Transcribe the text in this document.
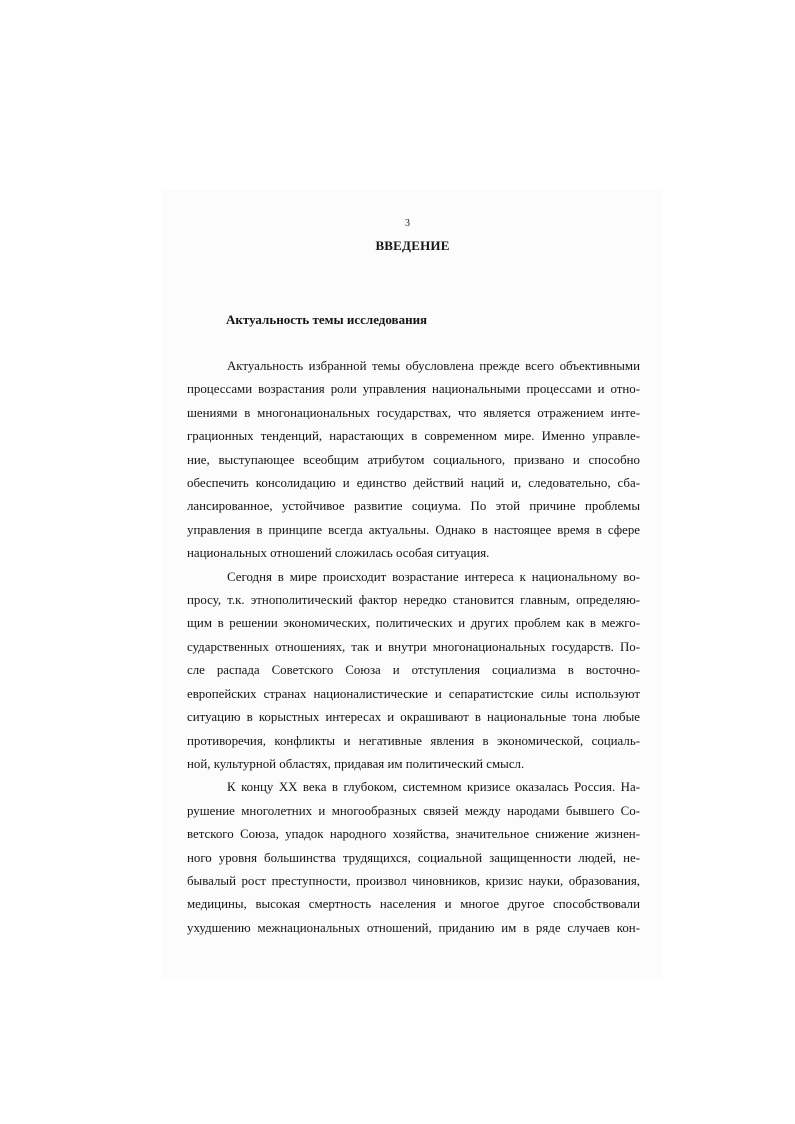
3
ВВЕДЕНИЕ
Актуальность темы исследования
Актуальность избранной темы обусловлена прежде всего объективными
процессами возрастания роли управления национальными процессами и отно-
шениями в многонациональных государствах, что является отражением инте-
грационных тенденций, нарастающих в современном мире. Именно управле-
ние, выступающее всеобщим атрибутом социального, призвано и способно
обеспечить консолидацию и единство действий наций и, следовательно, сба-
лансированное, устойчивое развитие социума. По этой причине проблемы
управления в принципе всегда актуальны. Однако в настоящее время в сфере
национальных отношений сложилась особая ситуация.
Сегодня в мире происходит возрастание интереса к национальному во-
просу, т.к. этнополитический фактор нередко становится главным, определяю-
щим в решении экономических, политических и других проблем как в межго-
сударственных отношениях, так и внутри многонациональных государств. По-
сле распада Советского Союза и отступления социализма в восточно-
европейских странах националистические и сепаратистские силы используют
ситуацию в корыстных интересах и окрашивают в национальные тона любые
противоречия, конфликты и негативные явления в экономической, социаль-
ной, культурной областях, придавая им политический смысл.
К концу XX века в глубоком, системном кризисе оказалась Россия. На-
рушение многолетних и многообразных связей между народами бывшего Со-
ветского Союза, упадок народного хозяйства, значительное снижение жизнен-
ного уровня большинства трудящихся, социальной защищенности людей, не-
бывалый рост преступности, произвол чиновников, кризис науки, образования,
медицины, высокая смертность населения и многое другое способствовали
ухудшению межнациональных отношений, приданию им в ряде случаев кон-
